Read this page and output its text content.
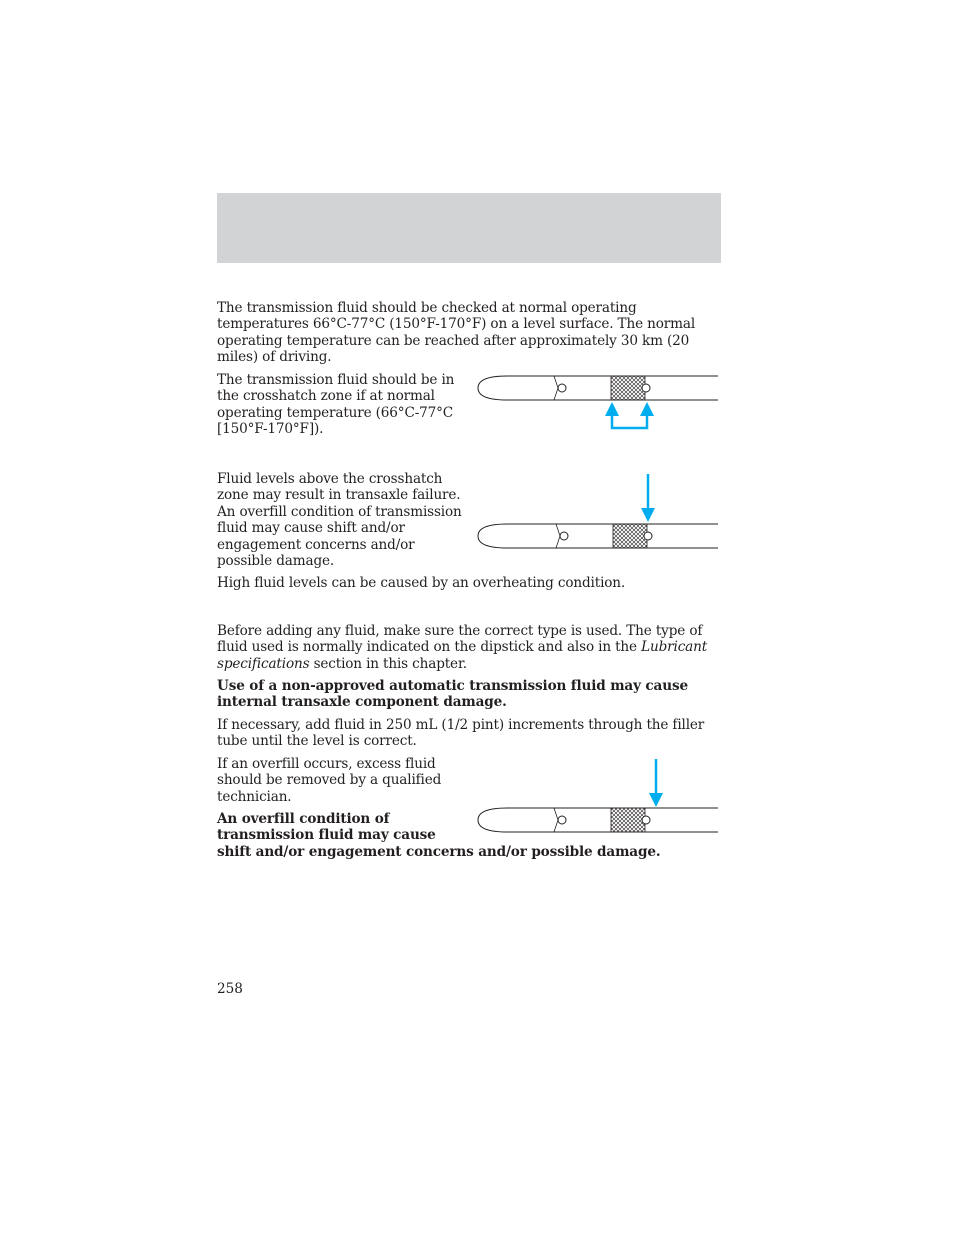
The transmission fluid should be checked at normal operating temperatures 66°C-77°C (150°F-170°F) on a level surface. The normal operating temperature can be reached after approximately 30 km (20 miles) of driving.

The transmission fluid should be in the crosshatch zone if at normal operating temperature (66°C-77°C [150°F-170°F]).

Fluid levels above the crosshatch zone may result in transaxle failure. An overfill condition of transmission fluid may cause shift and/or engagement concerns and/or possible damage.

High fluid levels can be caused by an overheating condition.

Before adding any fluid, make sure the correct type is used. The type of fluid used is normally indicated on the dipstick and also in the Lubricant specifications section in this chapter.

Use of a non-approved automatic transmission fluid may cause internal transaxle component damage.

If necessary, add fluid in 250 mL (1/2 pint) increments through the filler tube until the level is correct.

If an overfill occurs, excess fluid should be removed by a qualified technician.

An overfill condition of
transmission fluid may cause
shift and/or engagement concerns and/or possible damage.
258
